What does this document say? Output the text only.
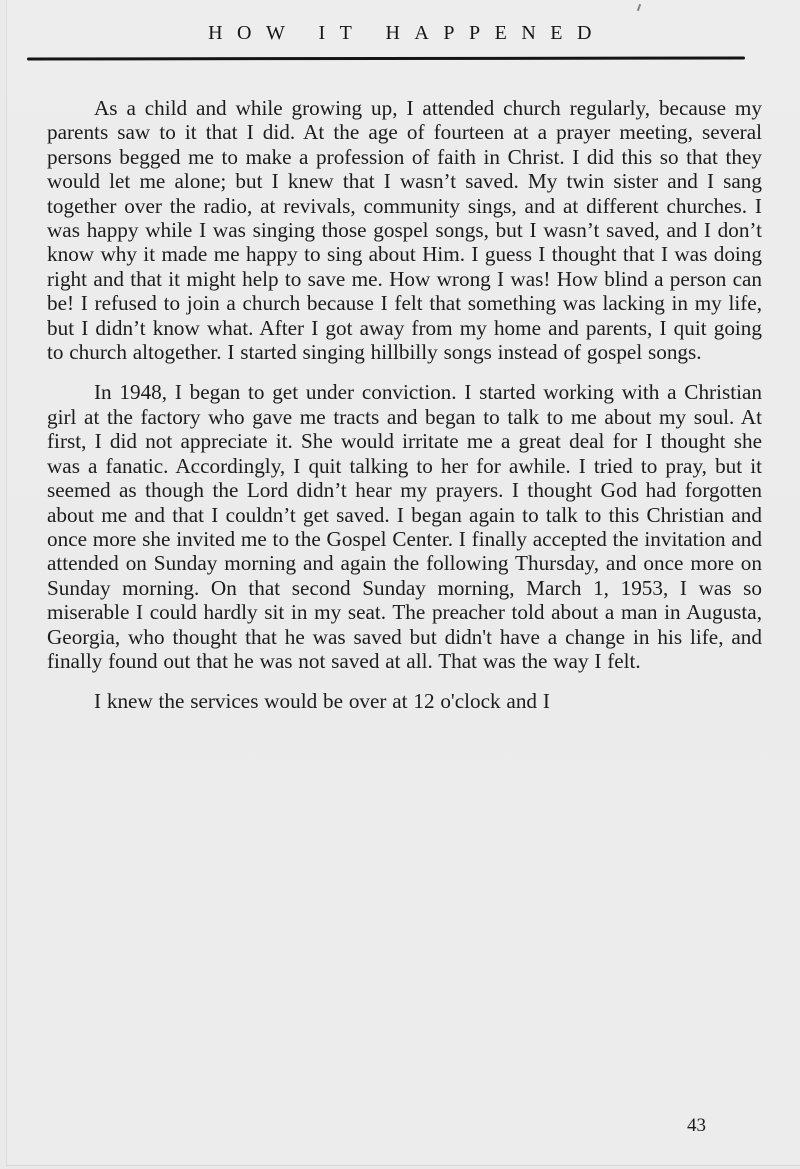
HOW IT HAPPENED

As a child and while growing up, I attended church regularly, because my parents saw to it that I did. At the age of fourteen at a prayer meeting, several persons begged me to make a profession of faith in Christ. I did this so that they would let me alone; but I knew that I wasn’t saved. My twin sister and I sang together over the radio, at revivals, community sings, and at different churches. I was happy while I was singing those gospel songs, but I wasn’t saved, and I don’t know why it made me happy to sing about Him. I guess I thought that I was doing right and that it might help to save me. How wrong I was! How blind a person can be! I refused to join a church because I felt that something was lacking in my life, but I didn’t know what. After I got away from my home and parents, I quit going to church altogether. I started singing hillbilly songs instead of gospel songs.

In 1948, I began to get under conviction. I started working with a Christian girl at the factory who gave me tracts and began to talk to me about my soul. At first, I did not appreciate it. She would irritate me a great deal for I thought she was a fanatic. Accordingly, I quit talking to her for awhile. I tried to pray, but it seemed as though the Lord didn’t hear my prayers. I thought God had forgotten about me and that I couldn’t get saved. I began again to talk to this Christian and once more she invited me to the Gospel Center. I finally accepted the invitation and attended on Sunday morning and again the following Thursday, and once more on Sunday morning. On that second Sunday morning, March 1, 1953, I was so miserable I could hardly sit in my seat. The preacher told about a man in Augusta, Georgia, who thought that he was saved but didn't have a change in his life, and finally found out that he was not saved at all. That was the way I felt.

I knew the services would be over at 12 o'clock and I

43
